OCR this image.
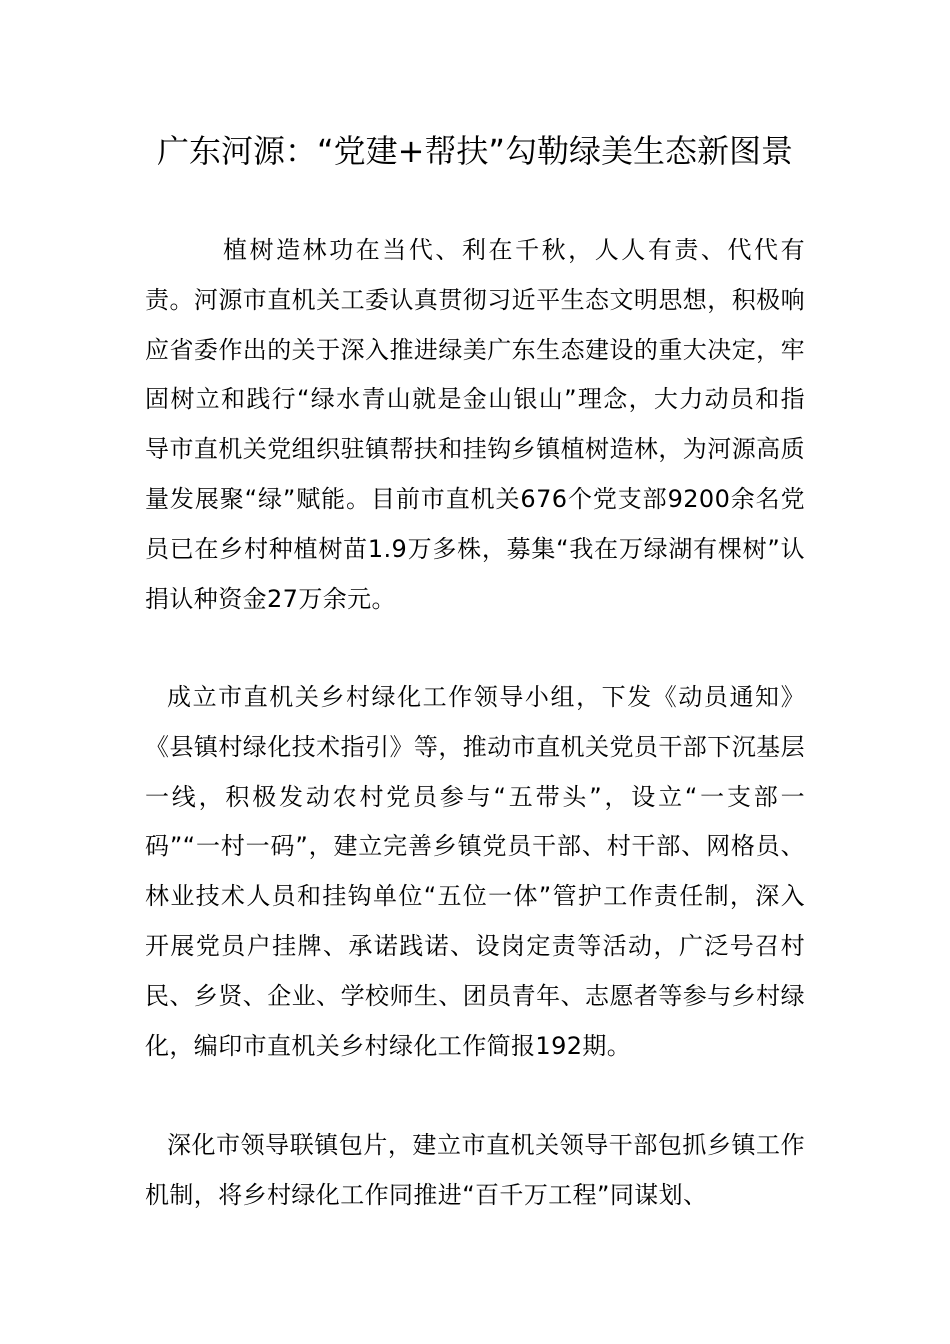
广东河源：“党建+帮扶”勾勒绿美生态新图景

植树造林功在当代、利在千秋，人人有责、代代有责。河源市直机关工委认真贯彻习近平生态文明思想，积极响应省委作出的关于深入推进绿美广东生态建设的重大决定，牢固树立和践行“绿水青山就是金山银山”理念，大力动员和指导市直机关党组织驻镇帮扶和挂钩乡镇植树造林，为河源高质量发展聚“绿”赋能。目前市直机关676个党支部9200余名党员已在乡村种植树苗1.9万多株，募集“我在万绿湖有棵树”认捐认种资金27万余元。

成立市直机关乡村绿化工作领导小组，下发《动员通知》《县镇村绿化技术指引》等，推动市直机关党员干部下沉基层一线，积极发动农村党员参与“五带头”，设立“一支部一码”“一村一码”，建立完善乡镇党员干部、村干部、网格员、林业技术人员和挂钩单位“五位一体”管护工作责任制，深入开展党员户挂牌、承诺践诺、设岗定责等活动，广泛号召村民、乡贤、企业、学校师生、团员青年、志愿者等参与乡村绿化，编印市直机关乡村绿化工作简报192期。

深化市领导联镇包片，建立市直机关领导干部包抓乡镇工作机制，将乡村绿化工作同推进“百千万工程”同谋划、
